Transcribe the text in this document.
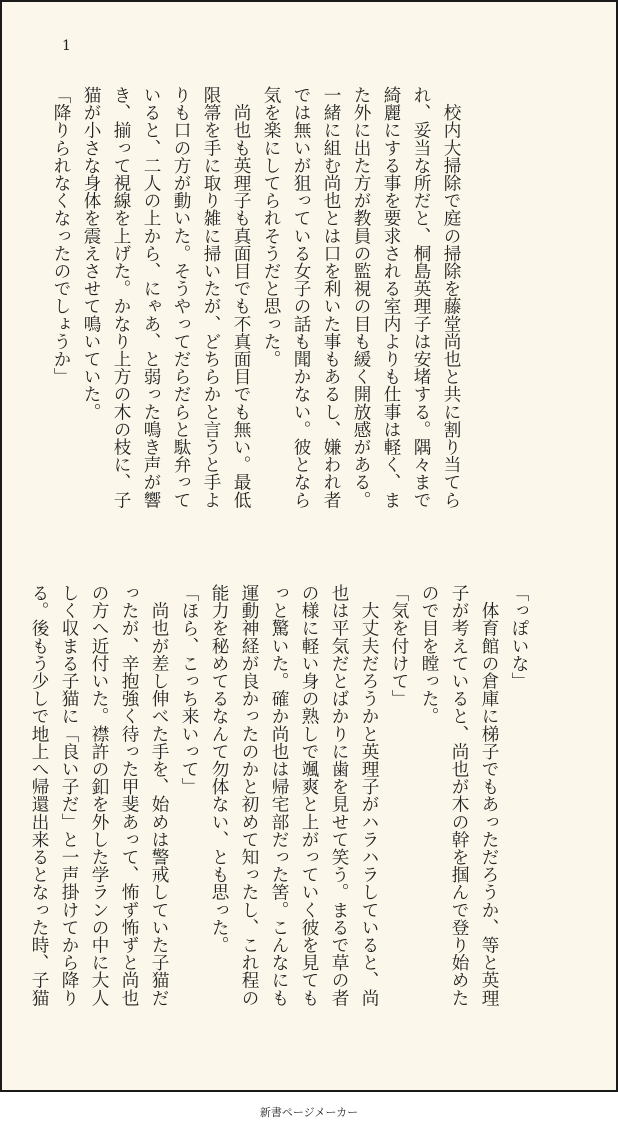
1
　校内大掃除で庭の掃除を藤堂尚也と共に割り当てら
れ、妥当な所だと、桐島英理子は安堵する。隅々まで
綺麗にする事を要求される室内よりも仕事は軽く、ま
た外に出た方が教員の監視の目も緩く開放感がある。
一緒に組む尚也とは口を利いた事もあるし、嫌われ者
では無いが狙っている女子の話も聞かない。彼となら
気を楽にしてられそうだと思った。
　尚也も英理子も真面目でも不真面目でも無い。最低
限箒を手に取り雑に掃いたが、どちらかと言うと手よ
りも口の方が動いた。そうやってだらだらと駄弁って
いると、二人の上から、にゃあ、と弱った鳴き声が響
き、揃って視線を上げた。かなり上方の木の枝に、子
猫が小さな身体を震えさせて鳴いていた。
「降りられなくなったのでしょうか」
「っぽいな」
　体育館の倉庫に梯子でもあっただろうか、等と英理
子が考えていると、尚也が木の幹を掴んで登り始めた
ので目を瞠った。
「気を付けて」
　大丈夫だろうかと英理子がハラハラしていると、尚
也は平気だとばかりに歯を見せて笑う。まるで草の者
の様に軽い身の熟しで颯爽と上がっていく彼を見ても
っと驚いた。確か尚也は帰宅部だった筈。こんなにも
運動神経が良かったのかと初めて知ったし、これ程の
能力を秘めてるなんて勿体ない、とも思った。
「ほら、こっち来いって」
　尚也が差し伸べた手を、始めは警戒していた子猫だ
ったが、辛抱強く待った甲斐あって、怖ず怖ずと尚也
の方へ近付いた。襟許の釦を外した学ランの中に大人
しく収まる子猫に「良い子だ」と一声掛けてから降り
る。後もう少しで地上へ帰還出来るとなった時、子猫
新書ページメーカー
